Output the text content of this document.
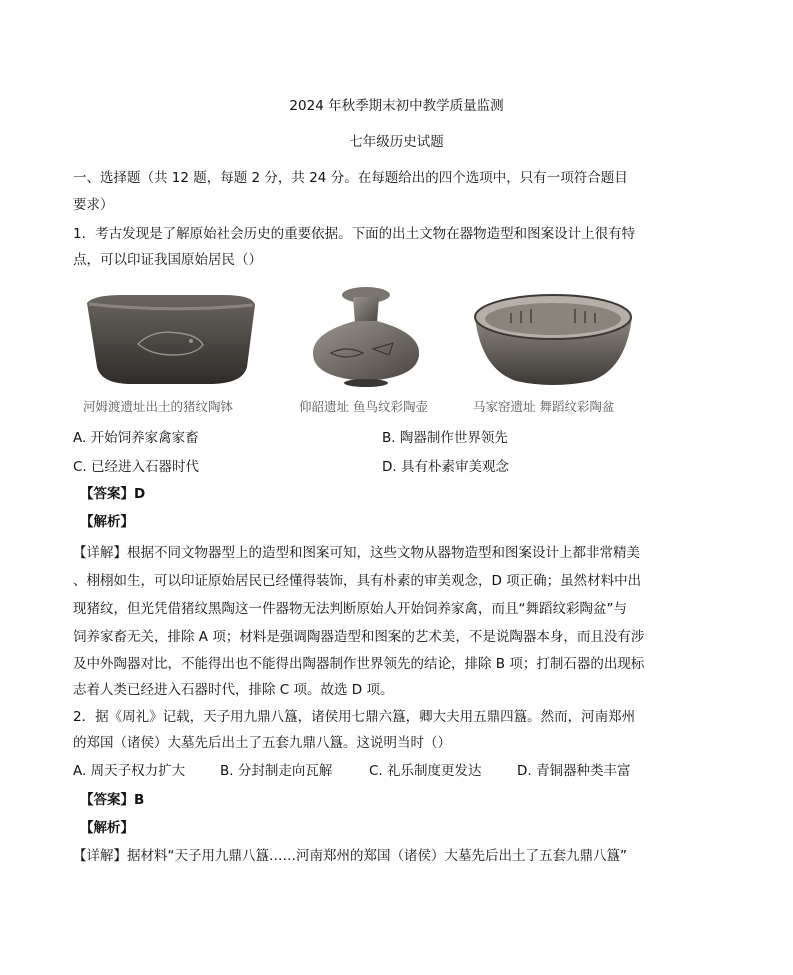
2024 年秋季期末初中教学质量监测
七年级历史试题
一、选择题（共 12 题，每题 2 分，共 24 分。在每题给出的四个选项中，只有一项符合题目
要求）
1．考古发现是了解原始社会历史的重要依据。下面的出土文物在器物造型和图案设计上很有特
点，可以印证我国原始居民（）
河姆渡遗址出土的猪纹陶钵	仰韶遗址 鱼鸟纹彩陶壶	马家窑遗址 舞蹈纹彩陶盆
A. 开始饲养家禽家畜	B. 陶器制作世界领先
C. 已经进入石器时代	D. 具有朴素审美观念
【答案】D
【解析】
【详解】根据不同文物器型上的造型和图案可知，这些文物从器物造型和图案设计上都非常精美
、栩栩如生，可以印证原始居民已经懂得装饰，具有朴素的审美观念，D 项正确；虽然材料中出
现猪纹，但光凭借猪纹黑陶这一件器物无法判断原始人开始饲养家禽，而且“舞蹈纹彩陶盆”与
饲养家畜无关，排除 A 项；材料是强调陶器造型和图案的艺术美，不是说陶器本身，而且没有涉
及中外陶器对比，不能得出也不能得出陶器制作世界领先的结论，排除 B 项；打制石器的出现标
志着人类已经进入石器时代，排除 C 项。故选 D 项。
2．据《周礼》记载，天子用九鼎八簋，诸侯用七鼎六簋，卿大夫用五鼎四簋。然而，河南郑州
的郑国（诸侯）大墓先后出土了五套九鼎八簋。这说明当时（）
A. 周天子权力扩大	B. 分封制走向瓦解	C. 礼乐制度更发达	D. 青铜器种类丰富
【答案】B
【解析】
【详解】据材料“天子用九鼎八簋……河南郑州的郑国（诸侯）大墓先后出土了五套九鼎八簋”
